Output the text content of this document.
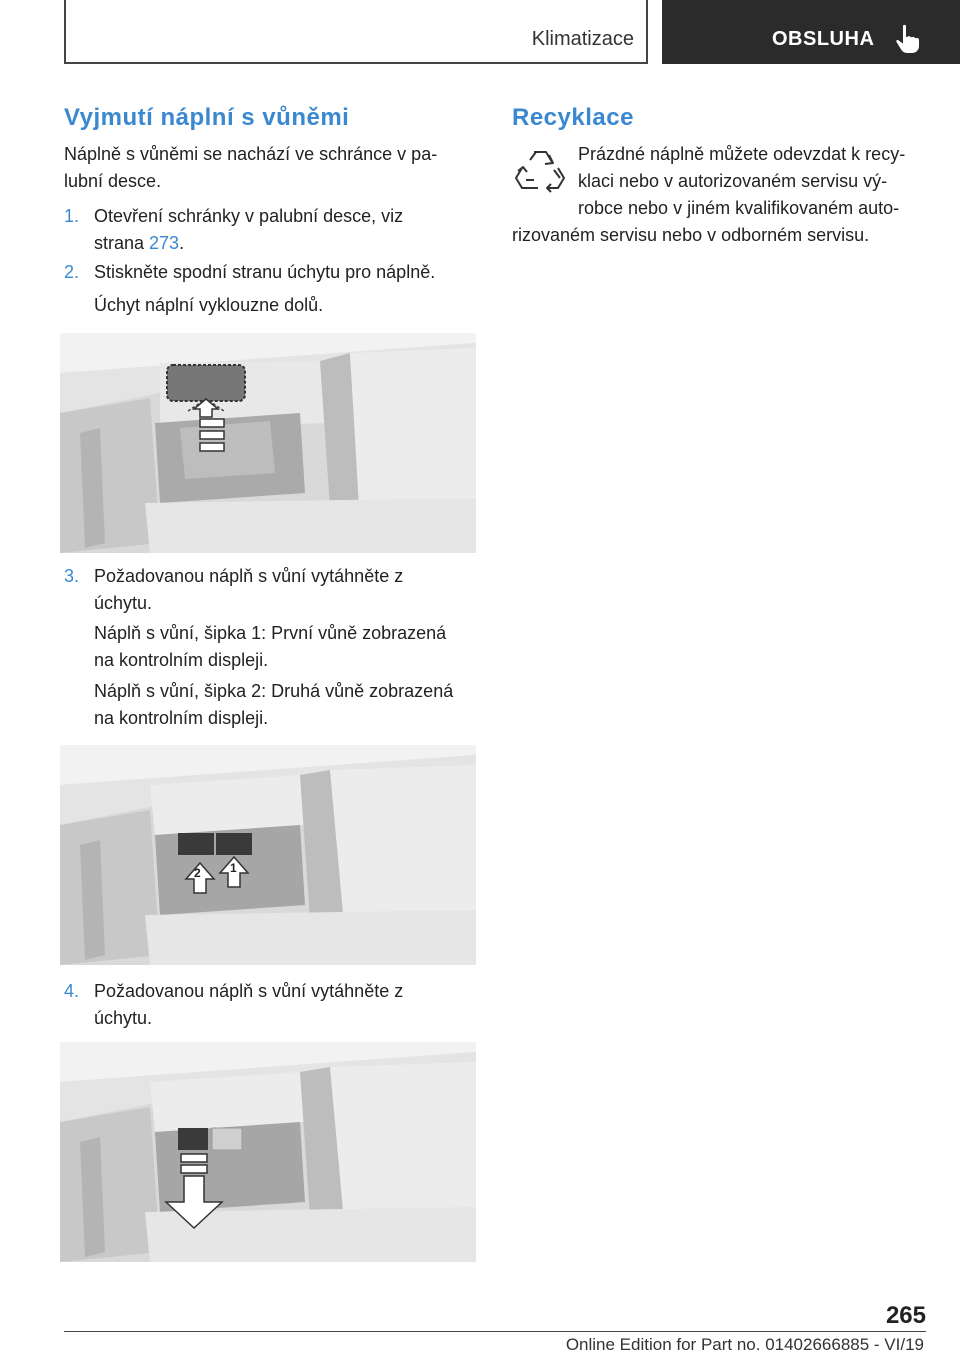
Klimatizace	OBSLUHA
Vyjmutí náplní s vůněmi
Náplně s vůněmi se nachází ve schránce v pa‐
lubní desce.
1. Otevření schránky v palubní desce, viz
strana 273.
2. Stiskněte spodní stranu úchytu pro náplně.
Úchyt náplní vyklouzne dolů.
3. Požadovanou náplň s vůní vytáhněte z
úchytu.
Náplň s vůní, šipka 1: První vůně zobrazená
na kontrolním displeji.
Náplň s vůní, šipka 2: Druhá vůně zobrazená
na kontrolním displeji.
2 1
4. Požadovanou náplň s vůní vytáhněte z
úchytu.
Recyklace
Prázdné náplně můžete odevzdat k recy‐
klaci nebo v autorizovaném servisu vý‐
robce nebo v jiném kvalifikovaném auto‐
rizovaném servisu nebo v odborném servisu.
265
Online Edition for Part no. 01402666885 - VI/19
